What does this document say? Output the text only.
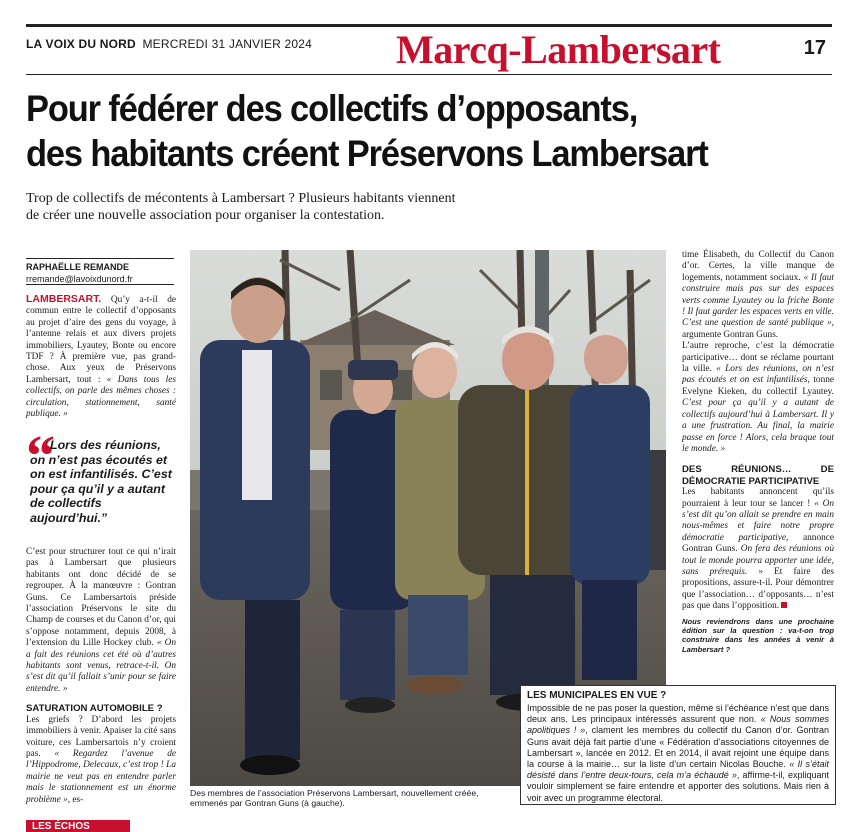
LA VOIX DU NORD MERCREDI 31 JANVIER 2024 Marcq-Lambersart	17
Pour fédérer des collectifs d’opposants,
des habitants créent Préservons Lambersart
Trop de collectifs de mécontents à Lambersart ? Plusieurs habitants viennent de créer une nouvelle association pour organiser la contestation.
RAPHAËLLE REMANDE
rremande@lavoixdunord.fr

LAMBERSART. Qu’y a-t-il de commun entre le collectif d’opposants au projet d’aire des gens du voyage, à l’antenne relais et aux divers projets immobiliers, Lyautey, Bonte ou encore TDF ? À première vue, pas grand-chose. Aux yeux de Préservons Lambersart, tout : « Dans tous les collectifs, on parle des mêmes choses : circulation, stationnement, santé publique. »

“
Lors des réunions,
on n’est pas écoutés et on est infantilisés. C’est pour ça qu’il y a autant de collectifs aujourd’hui.”

C’est pour structurer tout ce qui n’irait pas à Lambersart que plusieurs habitants ont donc décidé de se regrouper. À la manœuvre : Gontran Guns. Ce Lambersartois préside l’association Préservons le site du Champ de courses et du Canon d’or, qui s’oppose notamment, depuis 2008, à l’extension du Lille Hockey club. « On a fait des réunions cet été où d’autres habitants sont venus, retrace-t-il. On s’est dit qu’il fallait s’unir pour se faire entendre. »

SATURATION AUTOMOBILE ?

Les griefs ? D’abord les projets immobiliers à venir. Apaiser la cité sans voiture, ces Lambersartois n’y croient pas. « Regardez l’avenue de l’Hippodrome, Delecaux, c’est trop ! La mairie ne veut pas en entendre parler mais le stationnement est un énorme problème », es-

Des membres de l’association Préservons Lambersart, nouvellement créée, emmenés par Gontran Guns (à gauche).

time Élisabeth, du Collectif du Canon d’or. Certes, la ville manque de logements, notamment sociaux. « Il faut construire mais pas sur des espaces verts comme Lyautey ou la friche Bonte ! Il faut garder les espaces verts en ville. C’est une question de santé publique », argumente Gontran Guns.

L’autre reproche, c’est la démocratie participative… dont se réclame pourtant la ville. « Lors des réunions, on n’est pas écoutés et on est infantilisés, tonne Evelyne Kieken, du collectif Lyautey. C’est pour ça qu’il y a autant de collectifs aujourd’hui à Lambersart. Il y a une frustration. Au final, la mairie passe en force ! Alors, cela braque tout le monde. »

DES RÉUNIONS… DE DÉMOCRATIE PARTICIPATIVE

Les habitants annoncent qu’ils pourraient à leur tour se lancer ! « On s’est dit qu’on allait se prendre en main nous-mêmes et faire notre propre démocratie participative, annonce Gontran Guns. On fera des réunions où tout le monde pourra apporter une idée, sans prérequis. » Et faire des propositions, assure-t-il. Pour démontrer que l’association… d’opposants… n’est pas que dans l’opposition.

Nous reviendrons dans une prochaine édition sur la question : va-t-on trop construire dans les années à venir à Lambersart ?
LES MUNICIPALES EN VUE ?
Impossible de ne pas poser la question, même si l’échéance n’est que dans deux ans. Les principaux intéressés assurent que non. « Nous sommes apolitiques ! », clament les membres du collectif du Canon d’or. Gontran Guns avait déjà fait partie d’une « Fédération d’associations citoyennes de Lambersart », lancée en 2012. Et en 2014, il avait rejoint une équipe dans la course à la mairie… sur la liste d’un certain Nicolas Bouche. « Il s’était désisté dans l’entre deux-tours, cela m’a échaudé », affirme-t-il, expliquant vouloir simplement se faire entendre et apporter des solutions. Mais rien à voir avec un programme électoral.
LES ÉCHOS
